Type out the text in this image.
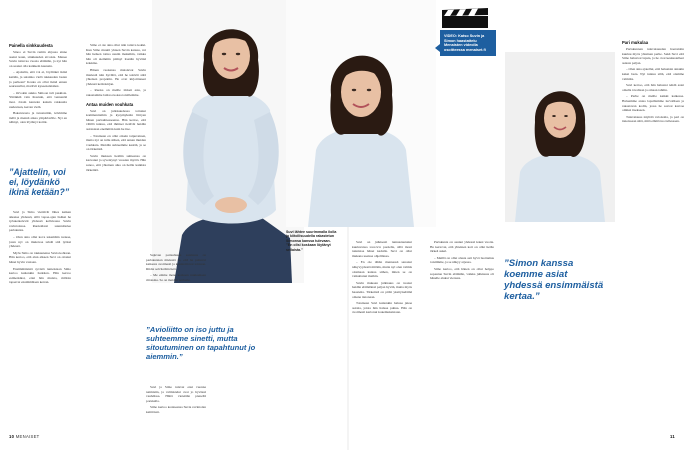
Painella sinkkuudesta

Sinoo ei Suvin rumin ahjossa sinne asetui kaun, sinkkuuden sivoista. Menee Suvin tuttavaa vuosia elämään, ja nyt hän on saanut olla kaikkein kaunein.

– Ajattelin, että voi ei, löydänkö ikinä ketään, ja saisinko vielä rakkauden lasten ja perheen? Koska en ollut ikinä ennen seurustellut, motiivit kyseenalaisiksi.

– Orvokin aukko Simoon tuli puskista. Yhtäkkiä vain ihastuin, että vennenää tiesi. Jotain kannoin kaksin rakkautta uudestaan, kerran vielä.

Bakatuvasta ja tutustuttiin, kävimme tiellä ja mennä aikaa ympäristölle. Nyt en nähnyt, olen löytänyt kotini.

”Ajattelin, voi ei, löydänkö ikinä ketään?”

Suvi ja Simo viettävät lähes kaiken aikansa yhdessä, sillä vapaa-ajan lisäksi he työskentelevät yhdessä kelluvassa Suvin ravintolassa. Ruokalistat suunnittelee pariskunta.

– Olen aina ollut kova tekemään ruokaa, joten nyt on mukavaa tehdä sitä työksi yhdessä.

Myös Simo on rakkautensa Suvia kohtaan. Hän kertoo, että alun alkaen Suvi on ottanut hänet hyvin vastaan.

Ensimmäisistä syvistä tunteistaan Simo kertoo kuitenkin harkiten. Hän kertoo esimerkiksi, ettei hän muista, milloin tapaavat ensimmäisen kerran.

Simo ei ole aina ollut niin taitava kokki. Kun Simo muutti yhteen Suvin kanssa, vei hän hetken tottua uusiin makuihin, vaikka hän oli aiemmin pitänyt itseään hyvänä kokkina.

Hänen ruokansa maistuvat Suvin mielestä niin hyvältä, että he tekivät siitä yhteisen projektin. He ovat kirjoittaneet yhdessä keittokirjan.

– Ruoka on meille tärkeä asia, ja rakastamme laittaa ruokaa toisillemme.

Antaa muiden vouhkata

Suvi on julkisuudessa tottunut kommentteihin ja kysymyksiin liittyen hänen parisuhteeseensa. Hän kertoo, että välillä tuntuu, että ihmiset tietävät heidän asioistaan enemmän kuin he itse.

– Toisinaan en ollut oikein taipuvainen, mutta nyt on tultu siihen, että annan muiden vouhkata. Meidän suhteemme kestää, ja se on tärkeintä.

Suvin mukaan heidän suhteensa on kasvanut ja syventynyt vuosien myötä. Hän sanoo, että yhteinen aika on heille kaikista tärkeintä.

Sujuvan parisuhteen salaisuus on pariskunnan mielestä se, että he puhuvat kaikesta avoimesti ja kunnioittavat toisiaan. Riidat selvitetään heti.

– Me emme mene koskaan nukkumaan riitaisina. Se on meidän periaate.

”Avioliitto on iso juttu ja suhteemme sinetti, mutta sitoutuminen on tapahtunut jo aiemmin.”

Suvi ja Simo tulevat ensi vuonna naimisiin, ja valmistelut ovat jo hyvässä vauhdissa. Häitä vietetään pienellä porukalla.

Simo kertoo kosineensa Suvia ravintolan keittiössä.

Suvi lähtee suurimmalla ilolla ja kiitollisuudella rakastetun Simonsa kanssa tulevaan. ”En olisi koskaan löytänyt sellaista.”
10 MENAISET
VIDEO: Katso Suvin ja Simon haastattelu Menaisten videolla osoitteessa menaiset.fi

Suvi on julkisesti tunnustautunut kuuluvansa tosi-tv:n puolelle, sillä moni tunnistaa hänet kadulla. Suvi on ollut mukana useissa ohjelmissa.

– En ole tähän mennessä sanonut näkyvyydestä mitään, mutta nyt olen valmis ottamaan kantaa siihen, miten se on vaikuttanut meihin.

Suvin mukaan julkisuus on tuonut heidän elämäänsä paljon hyvää, mutta myös haasteita. Tärkeintä on pitää yksityiselämä omana tietonaan.

Toisinaan Suvi kuitenkin haluaa jakaa asioita, joista hän haluaa puhua. Hän on avoimesti kertonut kokemuksistaan.

Pariskunta on asunut yhdessä kaksi vuotta. He kertovat, että yhteinen koti on ollut heille tärkeä askel.

– Meillä on ollut alusta asti hyvä luottamus toisiimme, ja se näkyy arjessa.

Simo kertoo, että hänen on ollut helppo sopeutua Suvin elämään, vaikka julkisuus oli hänelle aluksi vierasta.

”Simon kanssa koemme asiat yhdessä ensimmäistä kertaa.”

Pari mukulaa

Pariskunnan tulevaisuuden haaveisiin kuuluu myös yhteinen perhe. Sekä Suvi että Simo haluavat lapsia, ja he ovat keskustelleet asiasta paljon.

– Olen aina ajatellut, että haluaisin ainakin kaksi lasta. Nyt tuntuu siltä, että olemme valmiita.

Suvi kertoo, että hän haluaisi tehdä asiat omalla tavallaan ja omaan tahtiin.

– Perhe on meille kaikki kaikessa. Haluamme antaa lapsillemme turvallisen ja rakastavan kodin, jossa he saavat kasvaa omiksi itsekseen.

Tulevaisuus näyttää valoisalta, ja pari on innoissaan siitä, mitä elämä tuo tullessaan.

11
